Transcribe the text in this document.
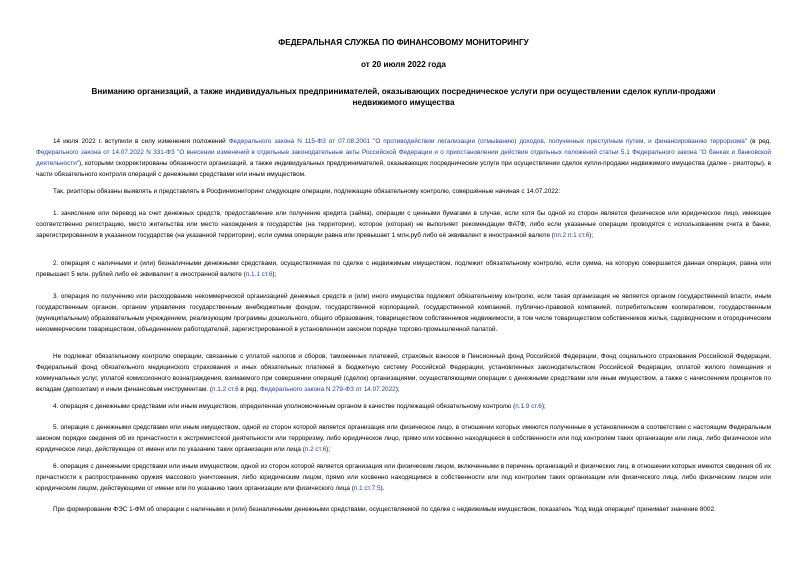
ФЕДЕРАЛЬНАЯ СЛУЖБА ПО ФИНАНСОВОМУ МОНИТОРИНГУ
от 20 июля 2022 года
Вниманию организаций, а также индивидуальных предпринимателей, оказывающих посредническое услуги при осуществлении сделок купли-продажи
недвижимого имущества
14 июля 2022 г. вступили в силу изменения положений Федерального закона N 115-ФЗ от 07.08.2001 "О противодействии легализации (отмыванию) доходов, полученных преступным путем, и финансированию терроризма" (в ред. Федерального закона от 14.07.2022 N 331-ФЗ "О внесении изменений в отдельные законодательные акты Российской Федерации и о приостановлении действия отдельных положений статьи 5.1 Федерального закона "О банках и банковской деятельности"), которыми скорректированы обязанности организаций, а также индивидуальных предпринимателей, оказывающих посреднические услуги при осуществлении сделок купли-продажи недвижимого имущества (далее - риэлторы), в части обязательного контроля операций с денежными средствами или иным имуществом.
Так, риэлторы обязаны выявлять и представлять в Росфинмониторинг следующие операции, подлежащие обязательному контролю, совершённые начиная с 14.07.2022:
1. зачисление или перевод на счет денежных средств, предоставление или получение кредита (займа), операции с ценными бумагами в случае, если хотя бы одной из сторон является физическое или юридическое лицо, имеющее соответственно регистрацию, место жительства или место нахождения в государстве (на территории), которое (которая) не выполняет рекомендации ФАТФ, либо если указанные операции проводятся с использованием счета в банке, зарегистрированном в указанном государстве (на указанной территории), если сумма операции равна или превышает 1 млн.руб либо её эквивалент в иностранной валюте (пп.2 п.1 ст.6);
2. операция с наличными и (или) безналичными денежными средствами, осуществляемая по сделке с недвижимым имуществом, подлежит обязательному контролю, если сумма, на которую совершается данная операция, равна или превышает 5 млн. рублей либо её эквивалент в иностранной валюте (п.1.1 ст.6);
3. операция по получению или расходованию некоммерческой организацией денежных средств и (или) иного имущества подлежит обязательному контролю, если такая организация не является органом государственной власти, иным государственным органом, органом управления государственным внебюджетным фондом, государственной корпорацией, государственной компанией, публично-правовой компанией, потребительским кооперативом, государственным (муниципальным) образовательным учреждением, реализующим программы дошкольного, общего образования, товариществом собственников недвижимости, в том числе товариществом собственников жилья, садоводческим и огородническим некоммерческим товариществом, объединением работодателей, зарегистрированной в установленном законом порядке торгово-промышленной палатой.
Не подлежат обязательному контролю операции, связанные с уплатой налогов и сборов, таможенных платежей, страховых взносов в Пенсионный фонд Российской Федерации, Фонд социального страхования Российской Федерации, Федеральный фонд обязательного медицинского страхования и иных обязательных платежей в бюджетную систему Российской Федерации, установленных законодательством Российской Федерации, оплатой жилого помещения и коммунальных услуг, уплатой комиссионного вознаграждения, взимаемого при совершении операций (сделок) организациями, осуществляющими операции с денежными средствами или иным имуществом, а также с начислением процентов по вкладам (депозитам) и иным финансовым инструментам. (п.1.2 ст.6 в ред. Федерального закона N 279-ФЗ от 14.07.2022);
4. операция с денежными средствами или иным имуществом, определенная уполномоченным органом в качестве подлежащей обязательному контролю (п.1.9 ст.6);
5. операция с денежными средствами или иным имуществом, одной из сторон которой является организация или физическое лицо, в отношении которых имеются полученные в установленном в соответствии с настоящим Федеральным законом порядке сведения об их причастности к экстремистской деятельности или терроризму, либо юридическое лицо, прямо или косвенно находящееся в собственности или под контролем таких организации или лица, либо физическое или юридическое лицо, действующее от имени или по указанию таких организации или лица (п.2 ст.6);
6. операция с денежными средствами или иным имуществом, одной из сторон которой является организация или физическим лицом, включенными в перечень организаций и физических лиц, в отношении которых имеются сведения об их причастности к распространению оружия массового уничтожения, либо юридическим лицом, прямо или косвенно находящимся в собственности или под контролем таких организации или физического лица, либо физическим лицом или юридическим лицом, действующими от имени или по указанию таких организации или физического лица (п.1 ст.7.5).
При формировании ФЭС 1-ФМ об операции с наличными и (или) безналичными денежными средствами, осуществляемой по сделке с недвижимым имуществом, показатель "Код вида операции" принимает значение 8002.
